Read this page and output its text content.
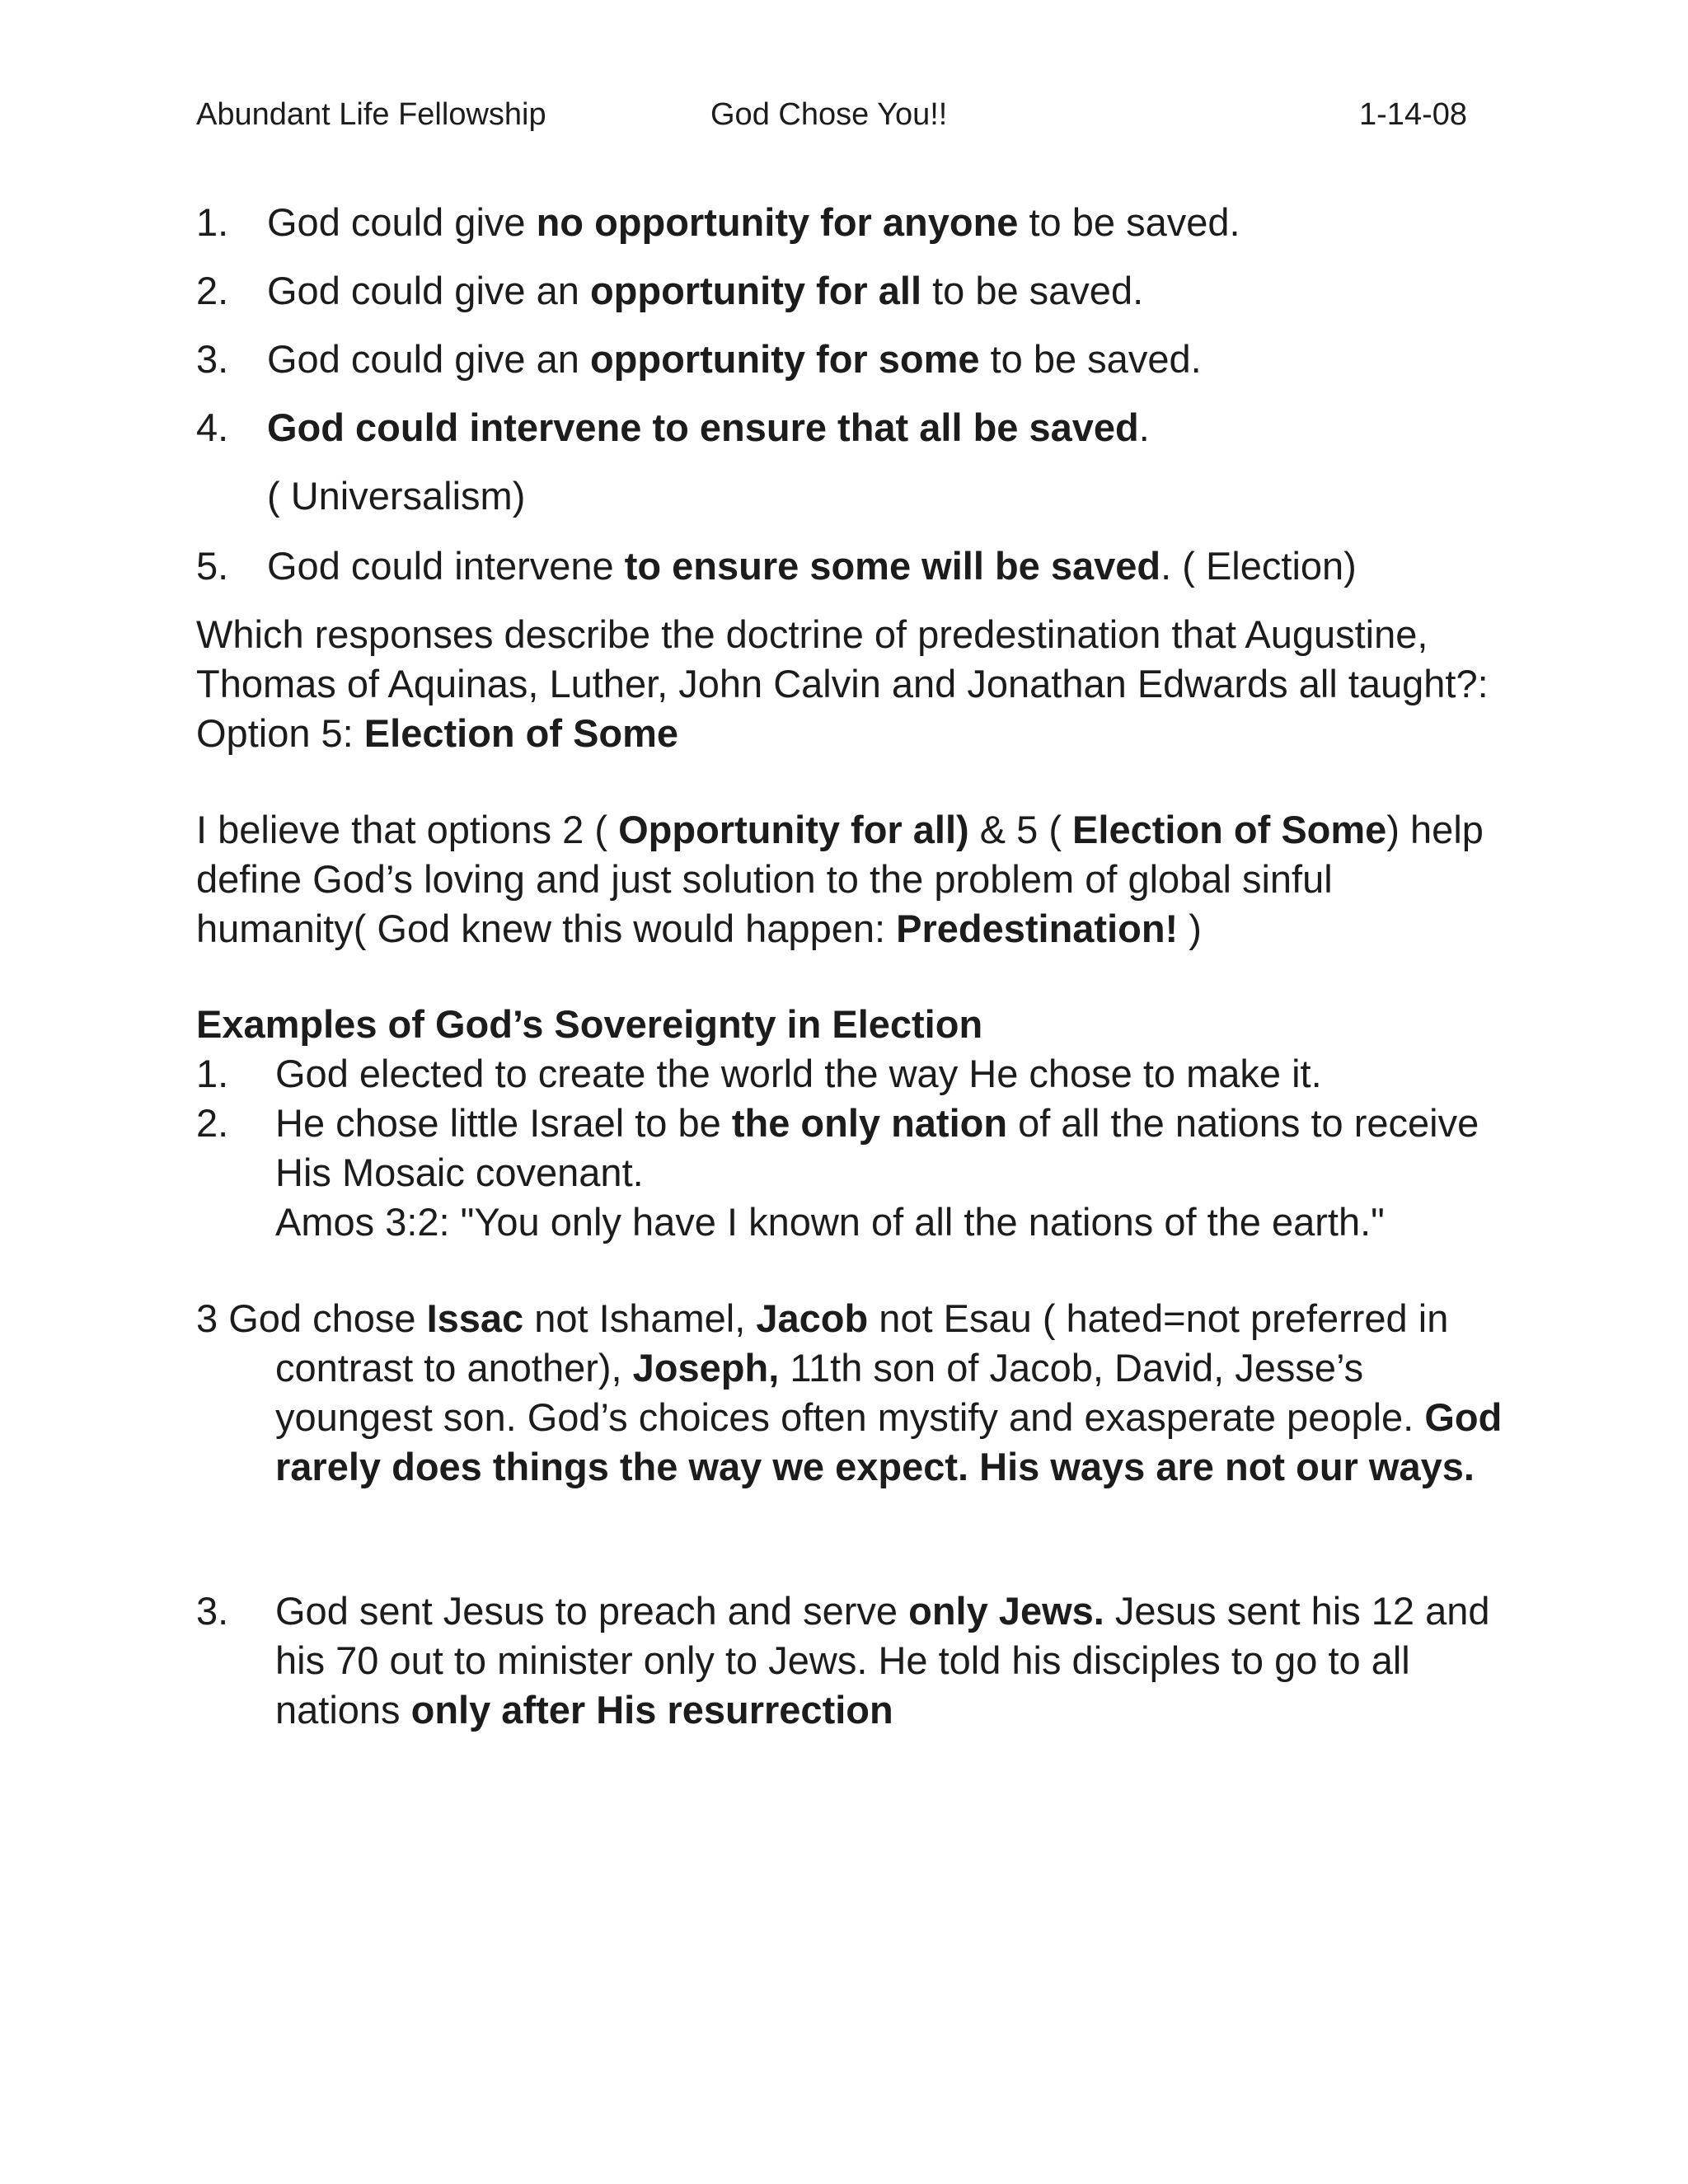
Abundant Life Fellowship	God Chose You!!	1-14-08
1. God could give no opportunity for anyone to be saved.
2. God could give an opportunity for all to be saved.
3. God could give an opportunity for some to be saved.
4. God could intervene to ensure that all be saved.
( Universalism)
5. God could intervene to ensure some will be saved. ( Election)
Which responses describe the doctrine of predestination that Augustine, Thomas of Aquinas, Luther, John Calvin and Jonathan Edwards all taught?: Option 5: Election of Some
I believe that options 2 ( Opportunity for all) & 5 ( Election of Some) help define God’s loving and just solution to the problem of global sinful humanity( God knew this would happen: Predestination! )
Examples of God’s Sovereignty in Election
1. God elected to create the world the way He chose to make it.
2. He chose little Israel to be the only nation of all the nations to receive His Mosaic covenant.
Amos 3:2: "You only have I known of all the nations of the earth."
3 God chose Issac not Ishamel, Jacob not Esau ( hated=not preferred in contrast to another), Joseph, 11th son of Jacob, David, Jesse’s youngest son. God’s choices often mystify and exasperate people. God rarely does things the way we expect. His ways are not our ways.
3. God sent Jesus to preach and serve only Jews. Jesus sent his 12 and his 70 out to minister only to Jews. He told his disciples to go to all nations only after His resurrection
